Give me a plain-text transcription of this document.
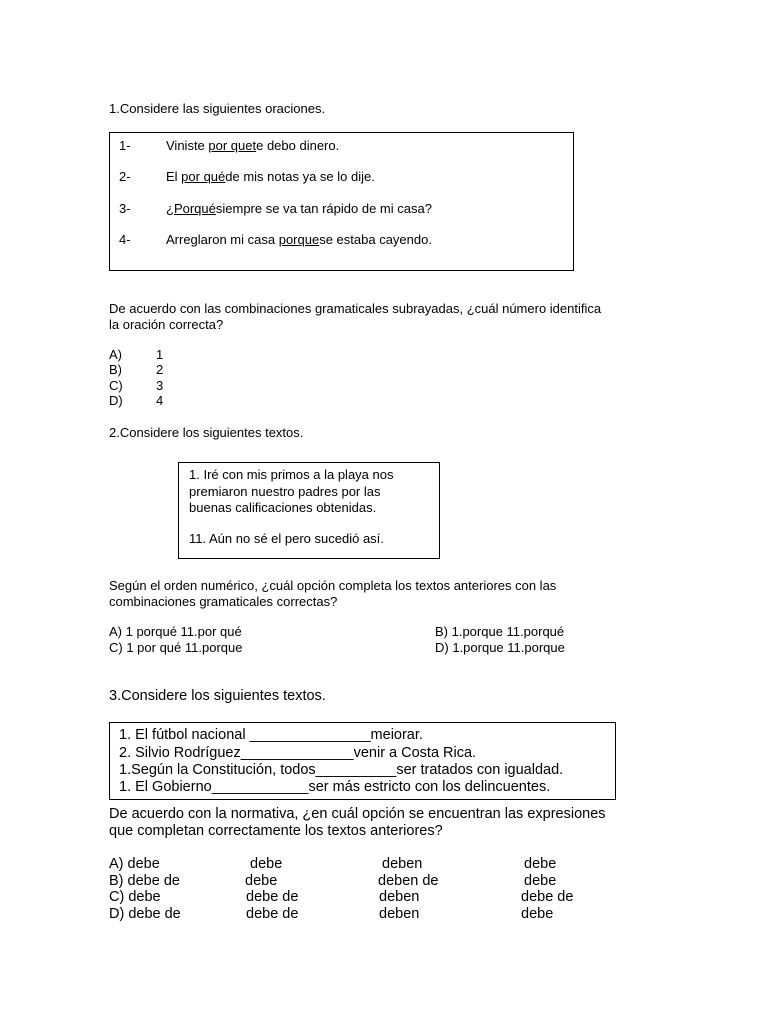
1.Considere las siguientes oraciones.
1-	Viniste por quete debo dinero.
2-	El por quéde mis notas ya se lo dije.
3-	¿Porquésiempre se va tan rápido de mi casa?
4-	Arreglaron mi casa porquese estaba cayendo.
De acuerdo con las combinaciones gramaticales subrayadas, ¿cuál número identifica
la oración correcta?
A)	1
B)	2
C)	3
D)	4
2.Considere los siguientes textos.
1. Iré con mis primos a la playa nos
premiaron nuestro padres por las
buenas calificaciones obtenidas.
11. Aún no sé el pero sucedió así.
Según el orden numérico, ¿cuál opción completa los textos anteriores con las
combinaciones gramaticales correctas?
A) 1 porqué 11.por qué	B) 1.porque 11.porqué
C) 1 por qué 11.porque	D) 1.porque 11.porque
3.Considere los siguientes textos.
1. El fútbol nacional _______________meiorar.
2. Silvio Rodríguez______________venir a Costa Rica.
1.Según la Constitución, todos__________ser tratados con igualdad.
1. El Gobierno____________ser más estricto con los delincuentes.
De acuerdo con la normativa, ¿en cuál opción se encuentran las expresiones
que completan correctamente los textos anteriores?
A) debe	debe	deben	debe
B) debe de	debe	deben de	debe
C) debe	debe de	deben	debe de
D) debe de	debe de	deben	debe
